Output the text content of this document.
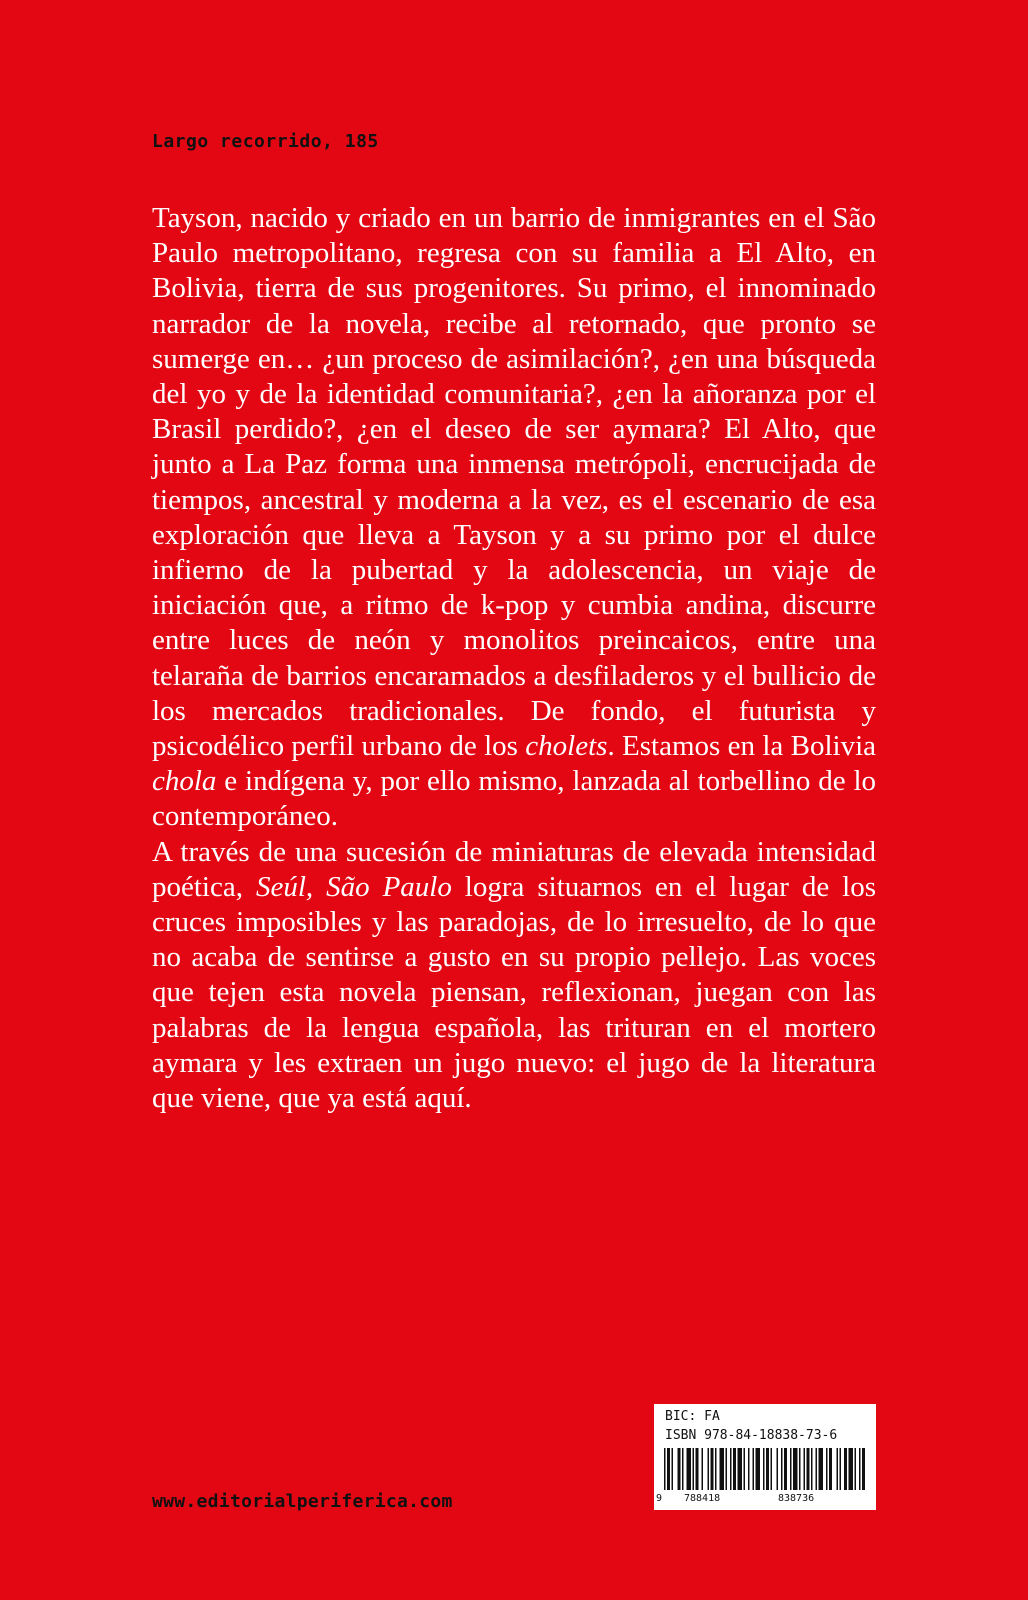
Largo recorrido, 185

Tayson, nacido y criado en un barrio de inmigrantes en el São Paulo metropolitano, regresa con su familia a El Alto, en Bolivia, tierra de sus progenitores. Su primo, el innominado narrador de la novela, recibe al retornado, que pronto se sumerge en… ¿un proceso de asimilación?, ¿en una búsqueda del yo y de la identidad comunitaria?, ¿en la añoranza por el Brasil perdido?, ¿en el deseo de ser aymara? El Alto, que junto a La Paz forma una inmensa metrópoli, encrucijada de tiempos, ancestral y moderna a la vez, es el escenario de esa exploración que lleva a Tayson y a su primo por el dulce infierno de la pubertad y la adolescencia, un viaje de iniciación que, a ritmo de k-pop y cumbia andina, discurre entre luces de neón y monolitos preincaicos, entre una telaraña de barrios encaramados a desfiladeros y el bullicio de los mercados tradicionales. De fondo, el futurista y psicodélico perfil urbano de los cholets. Estamos en la Bolivia chola e indígena y, por ello mismo, lanzada al torbellino de lo contemporáneo.

A través de una sucesión de miniaturas de elevada intensidad poética, Seúl, São Paulo logra situarnos en el lugar de los cruces imposibles y las paradojas, de lo irresuelto, de lo que no acaba de sentirse a gusto en su propio pellejo. Las voces que tejen esta novela piensan, reflexionan, juegan con las palabras de la lengua española, las trituran en el mortero aymara y les extraen un jugo nuevo: el jugo de la literatura que viene, que ya está aquí.

www.editorialperiferica.com
BIC: FA
ISBN 978-84-18838-73-6
9 788418	838736
